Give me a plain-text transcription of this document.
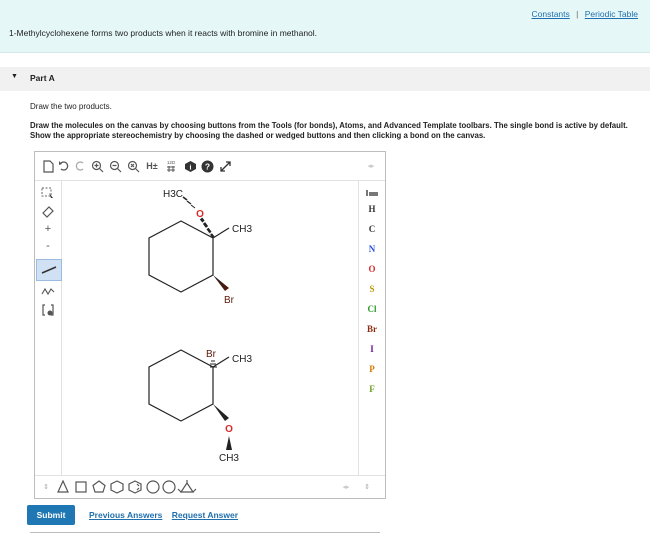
Constants | Periodic Table
1-Methylcyclohexene forms two products when it reacts with bromine in methanol.
▼ Part A
Draw the two products.
Draw the molecules on the canvas by choosing buttons from the Tools (for bonds), Atoms, and Advanced Template toolbars. The single bond is active by default. Show the appropriate stereochemistry by choosing the dashed or wedged buttons and then clicking a bond on the canvas.
H±	12D
i ?	◂▸
+
-
O
H3C
CH3
Br
Br CH3
O
CH3
H
C
N
O
S
Cl
Br
I
P
F
⇕	◂▸	⇕
Submit	Previous Answers Request Answer
